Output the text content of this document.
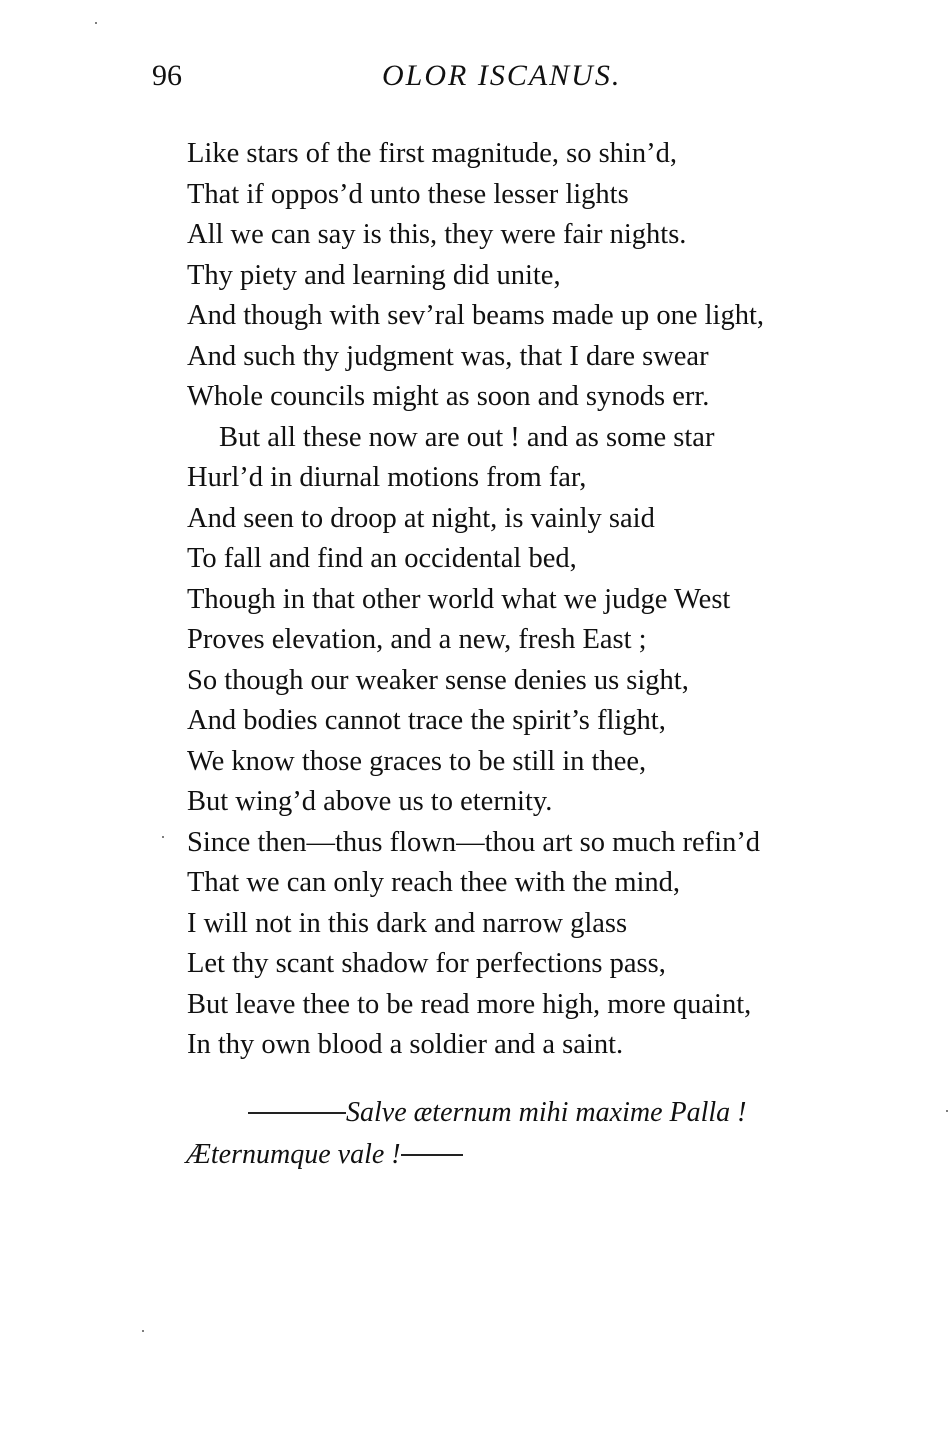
96	OLOR ISCANUS.
Like stars of the first magnitude, so shin’d,
That if oppos’d unto these lesser lights
All we can say is this, they were fair nights.
Thy piety and learning did unite,
And though with sev’ral beams made up one light,
And such thy judgment was, that I dare swear
Whole councils might as soon and synods err.
But all these now are out ! and as some star
Hurl’d in diurnal motions from far,
And seen to droop at night, is vainly said
To fall and find an occidental bed,
Though in that other world what we judge West
Proves elevation, and a new, fresh East ;
So though our weaker sense denies us sight,
And bodies cannot trace the spirit’s flight,
We know those graces to be still in thee,
But wing’d above us to eternity.
Since then—thus flown—thou art so much refin’d
That we can only reach thee with the mind,
I will not in this dark and narrow glass
Let thy scant shadow for perfections pass,
But leave thee to be read more high, more quaint,
In thy own blood a soldier and a saint.
Salve æternum mihi maxime Palla !
Æternumque vale !
